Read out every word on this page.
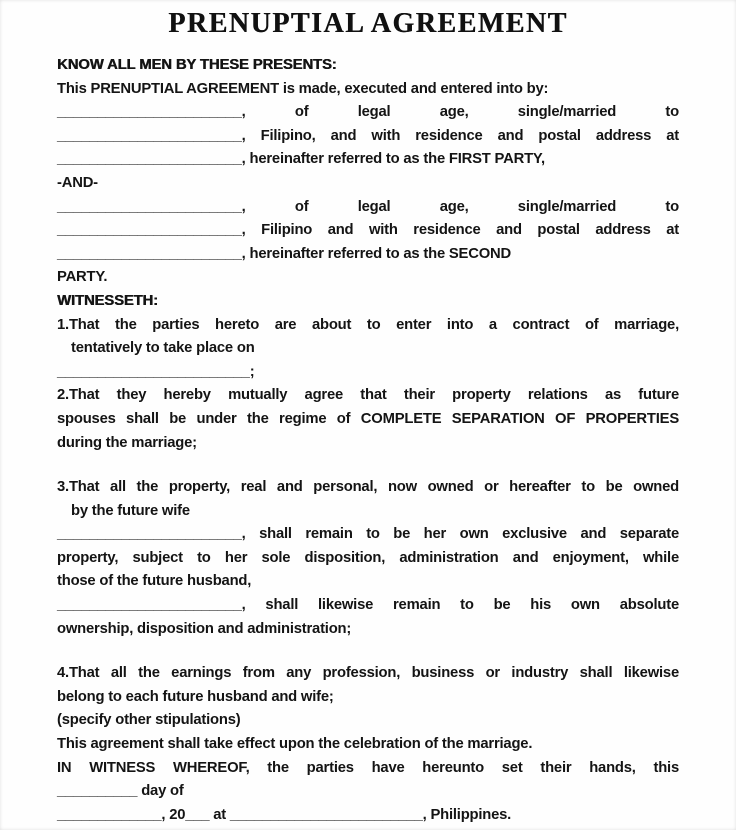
PRENUPTIAL AGREEMENT
KNOW ALL MEN BY THESE PRESENTS:
This PRENUPTIAL AGREEMENT is made, executed and entered into by:
_______________________, of legal age, single/married to
_______________________, Filipino, and with residence and postal address at
_______________________, hereinafter referred to as the FIRST PARTY,
-AND-
_______________________, of legal age, single/married to
_______________________, Filipino and with residence and postal address at
_______________________, hereinafter referred to as the SECOND
PARTY.
WITNESSETH:
1.That the parties hereto are about to enter into a contract of marriage,
tentatively to take place on
________________________;
2.That they hereby mutually agree that their property relations as future
spouses shall be under the regime of COMPLETE SEPARATION OF PROPERTIES
during the marriage;
3.That all the property, real and personal, now owned or hereafter to be owned
by the future wife
_______________________, shall remain to be her own exclusive and separate
property, subject to her sole disposition, administration and enjoyment, while
those of the future husband,
_______________________, shall likewise remain to be his own absolute
ownership, disposition and administration;
4.That all the earnings from any profession, business or industry shall likewise
belong to each future husband and wife;
(specify other stipulations)
This agreement shall take effect upon the celebration of the marriage.
IN WITNESS WHEREOF, the parties have hereunto set their hands, this
__________ day of
_____________, 20___ at ________________________, Philippines.
